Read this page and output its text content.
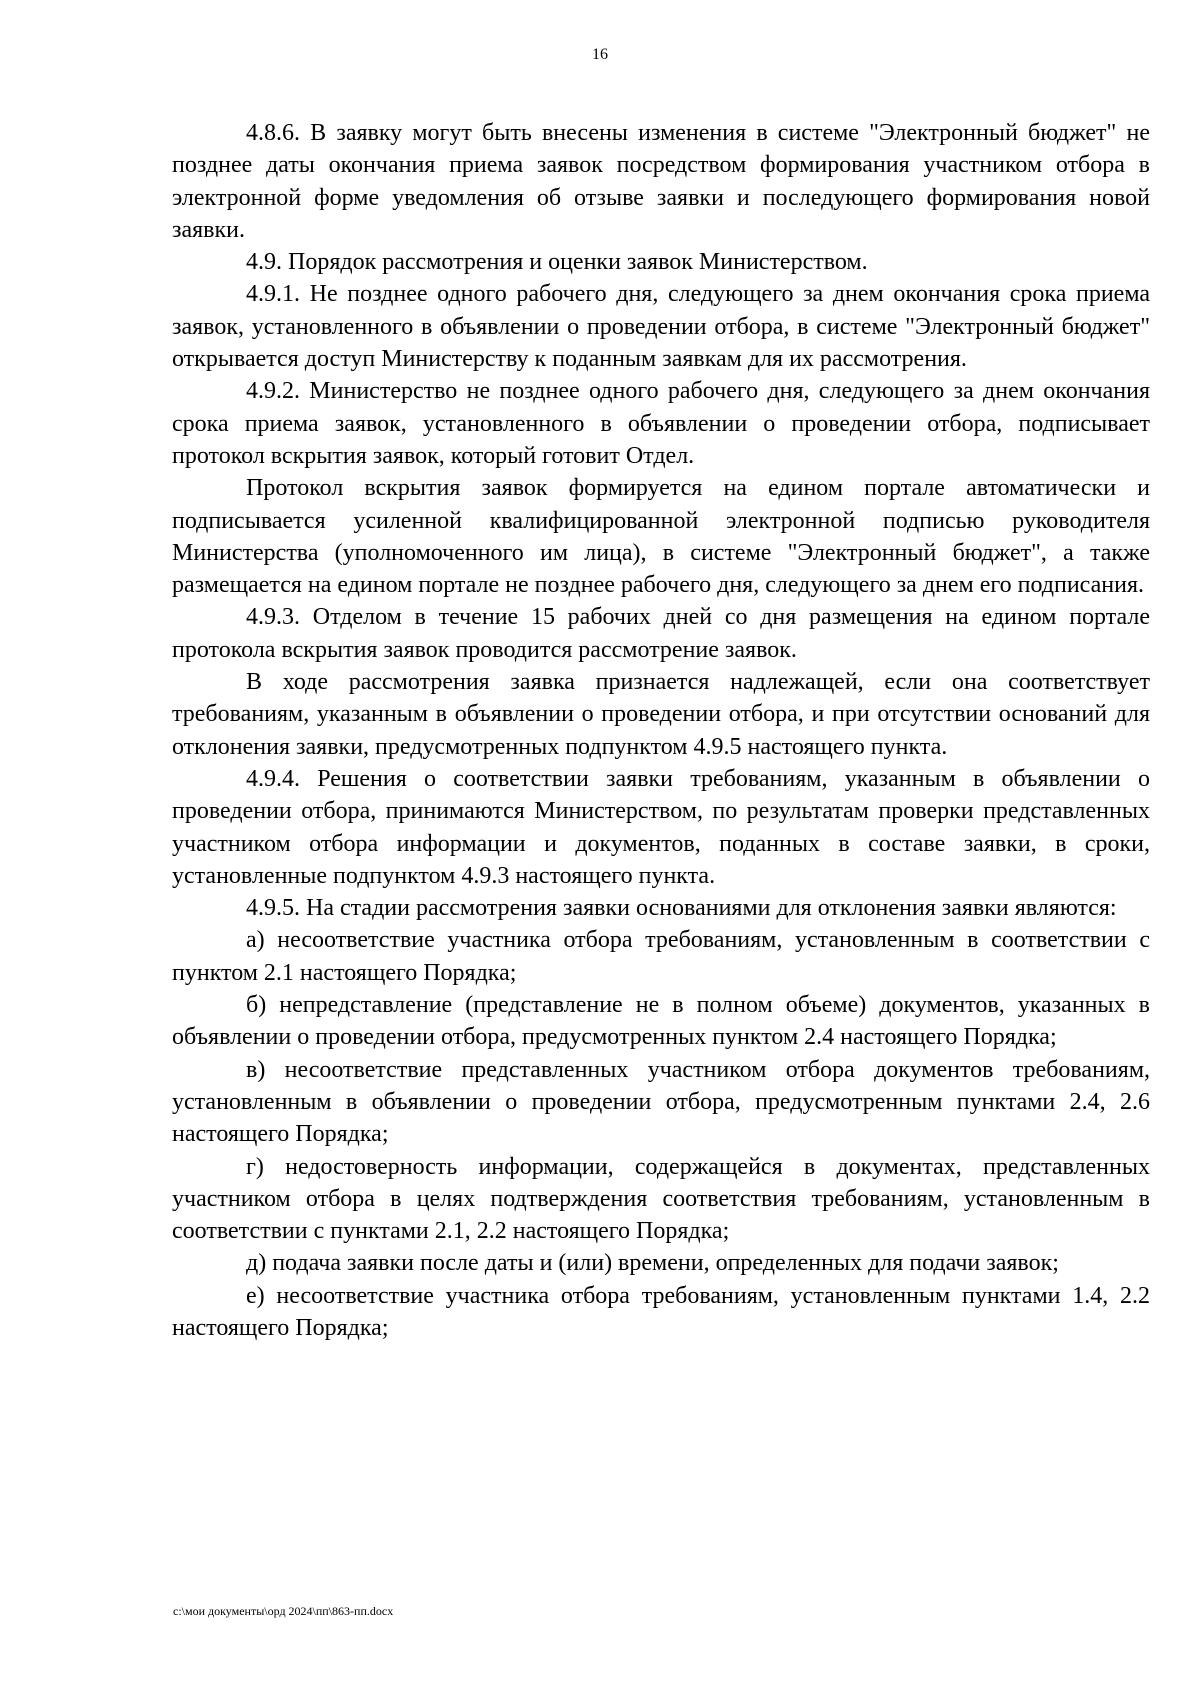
16

4.8.6. В заявку могут быть внесены изменения в системе "Электронный бюджет" не позднее даты окончания приема заявок посредством формирования участником отбора в электронной форме уведомления об отзыве заявки и последующего формирования новой заявки.

4.9. Порядок рассмотрения и оценки заявок Министерством.

4.9.1. Не позднее одного рабочего дня, следующего за днем окончания срока приема заявок, установленного в объявлении о проведении отбора, в системе "Электронный бюджет" открывается доступ Министерству к поданным заявкам для их рассмотрения.

4.9.2. Министерство не позднее одного рабочего дня, следующего за днем окончания срока приема заявок, установленного в объявлении о проведении отбора, подписывает протокол вскрытия заявок, который готовит Отдел.

Протокол вскрытия заявок формируется на едином портале автоматически и подписывается усиленной квалифицированной электронной подписью руководителя Министерства (уполномоченного им лица), в системе "Электронный бюджет", а также размещается на едином портале не позднее рабочего дня, следующего за днем его подписания.

4.9.3. Отделом в течение 15 рабочих дней со дня размещения на едином портале протокола вскрытия заявок проводится рассмотрение заявок.

В ходе рассмотрения заявка признается надлежащей, если она соответствует требованиям, указанным в объявлении о проведении отбора, и при отсутствии оснований для отклонения заявки, предусмотренных подпунктом 4.9.5 настоящего пункта.

4.9.4. Решения о соответствии заявки требованиям, указанным в объявлении о проведении отбора, принимаются Министерством, по результатам проверки представленных участником отбора информации и документов, поданных в составе заявки, в сроки, установленные подпунктом 4.9.3 настоящего пункта.

4.9.5. На стадии рассмотрения заявки основаниями для отклонения заявки являются:

а) несоответствие участника отбора требованиям, установленным в соответствии с пунктом 2.1 настоящего Порядка;

б) непредставление (представление не в полном объеме) документов, указанных в объявлении о проведении отбора, предусмотренных пунктом 2.4 настоящего Порядка;

в) несоответствие представленных участником отбора документов требованиям, установленным в объявлении о проведении отбора, предусмотренным пунктами 2.4, 2.6 настоящего Порядка;

г) недостоверность информации, содержащейся в документах, представленных участником отбора в целях подтверждения соответствия требованиям, установленным в соответствии с пунктами 2.1, 2.2 настоящего Порядка;

д) подача заявки после даты и (или) времени, определенных для подачи заявок;

е) несоответствие участника отбора требованиям, установленным пунктами 1.4, 2.2 настоящего Порядка;

c:\мои документы\орд 2024\пп\863-пп.docx
